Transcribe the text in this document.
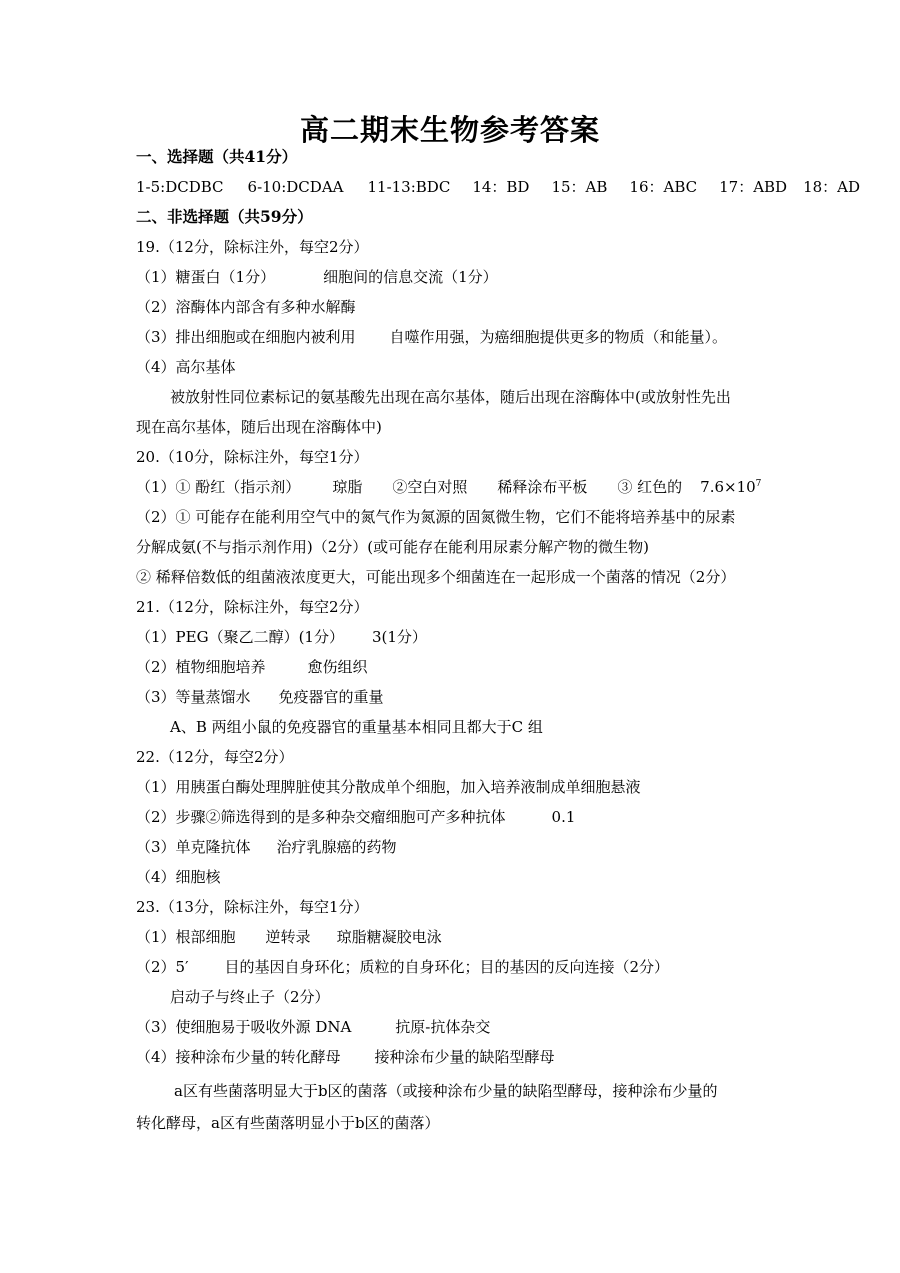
高二期末生物参考答案
一、选择题（共41分）
1-5:DCDBC 6-10:DCDAA 11-13:BDC 14：BD 15：AB 16：ABC 17：ABD 18：AD
二、非选择题（共59分）
19.（12分，除标注外，每空2分）
（1）糖蛋白（1分）	细胞间的信息交流（1分）
（2）溶酶体内部含有多种水解酶
（3）排出细胞或在细胞内被利用 自噬作用强，为癌细胞提供更多的物质（和能量）。
（4）高尔基体
被放射性同位素标记的氨基酸先出现在高尔基体，随后出现在溶酶体中(或放射性先出
现在高尔基体，随后出现在溶酶体中)
20.（10分，除标注外，每空1分）
（1）① 酚红（指示剂） 琼脂 ②空白对照 稀释涂布平板 ③ 红色的 $7.6\times 10^7$
（2）① 可能存在能利用空气中的氮气作为氮源的固氮微生物，它们不能将培养基中的尿素
分解成氨(不与指示剂作用)（2分）(或可能存在能利用尿素分解产物的微生物)
② 稀释倍数低的组菌液浓度更大，可能出现多个细菌连在一起形成一个菌落的情况（2分）
21.（12分，除标注外，每空2分）
（1）PEG（聚乙二醇）(1分） 3(1分）
（2）植物细胞培养	愈伤组织
（3）等量蒸馏水 免疫器官的重量
A、B 两组小鼠的免疫器官的重量基本相同且都大于C 组
22.（12分，每空2分）
（1）用胰蛋白酶处理脾脏使其分散成单个细胞，加入培养液制成单细胞悬液
（2）步骤②筛选得到的是多种杂交瘤细胞可产多种抗体	0.1
（3）单克隆抗体 治疗乳腺癌的药物
（4）细胞核
23.（13分，除标注外，每空1分）
（1）根部细胞 逆转录 琼脂糖凝胶电泳
（2）5′ 目的基因自身环化；质粒的自身环化；目的基因的反向连接（2分）
启动子与终止子（2分）
（3）使细胞易于吸收外源 DNA	抗原-抗体杂交
（4）接种涂布少量的转化酵母 接种涂布少量的缺陷型酵母
a区有些菌落明显大于b区的菌落（或接种涂布少量的缺陷型酵母，接种涂布少量的
转化酵母，a区有些菌落明显小于b区的菌落）
